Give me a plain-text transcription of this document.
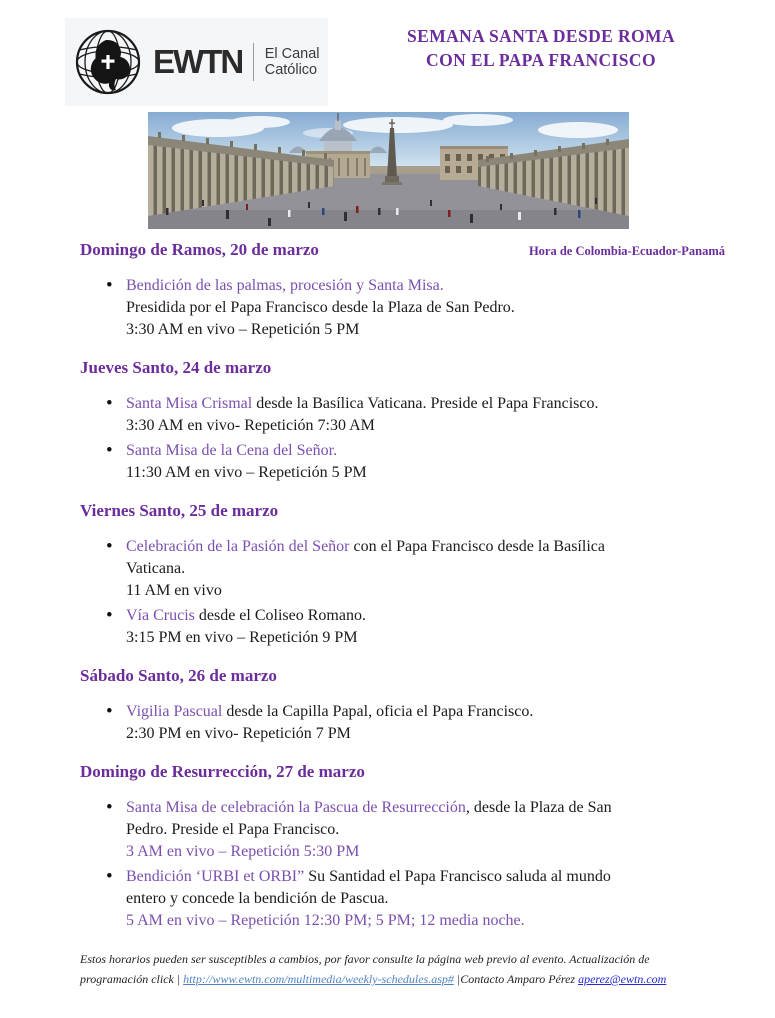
EWTN El Canal Católico
SEMANA SANTA DESDE ROMA
CON EL PAPA FRANCISCO
Domingo de Ramos, 20 de marzo	Hora de Colombia-Ecuador-Panamá
• Bendición de las palmas, procesión y Santa Misa.
Presidida por el Papa Francisco desde la Plaza de San Pedro.
3:30 AM en vivo – Repetición 5 PM
Jueves Santo, 24 de marzo
• Santa Misa Crismal desde la Basílica Vaticana. Preside el Papa Francisco.
3:30 AM en vivo- Repetición 7:30 AM
• Santa Misa de la Cena del Señor.
11:30 AM en vivo – Repetición 5 PM
Viernes Santo, 25 de marzo
• Celebración de la Pasión del Señor con el Papa Francisco desde la Basílica
Vaticana.
11 AM en vivo
• Vía Crucis desde el Coliseo Romano.
3:15 PM en vivo – Repetición 9 PM
Sábado Santo, 26 de marzo
• Vigilia Pascual desde la Capilla Papal, oficia el Papa Francisco.
2:30 PM en vivo- Repetición 7 PM
Domingo de Resurrección, 27 de marzo
• Santa Misa de celebración la Pascua de Resurrección, desde la Plaza de San
Pedro. Preside el Papa Francisco.
3 AM en vivo – Repetición 5:30 PM
• Bendición ‘URBI et ORBI” Su Santidad el Papa Francisco saluda al mundo
entero y concede la bendición de Pascua.
5 AM en vivo – Repetición 12:30 PM; 5 PM; 12 media noche.
Estos horarios pueden ser susceptibles a cambios, por favor consulte la página web previo al evento. Actualización de
programación click | http://www.ewtn.com/multimedia/weekly-schedules.asp# |Contacto Amparo Pérez aperez@ewtn.com
